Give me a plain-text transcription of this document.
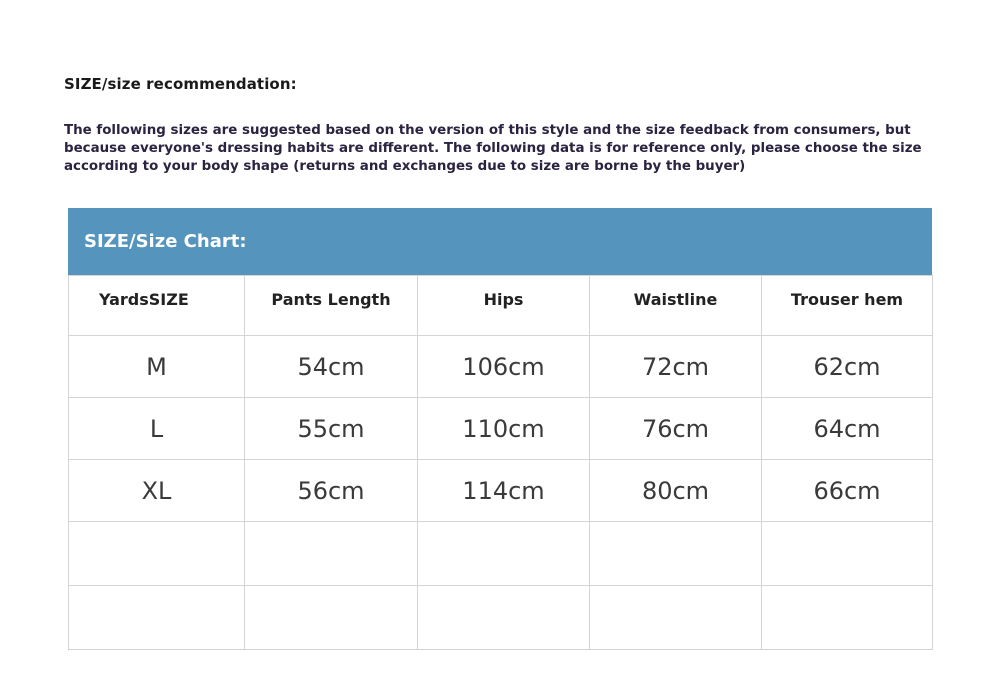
SIZE/size recommendation:
The following sizes are suggested based on the version of this style and the size feedback from consumers, but because everyone's dressing habits are different. The following data is for reference only, please choose the size according to your body shape (returns and exchanges due to size are borne by the buyer)
SIZE/Size Chart:
YardsSIZE	Pants Length	Hips	Waistline	Trouser hem
M	54cm	106cm	72cm	62cm
L	55cm	110cm	76cm	64cm
XL	56cm	114cm	80cm	66cm
